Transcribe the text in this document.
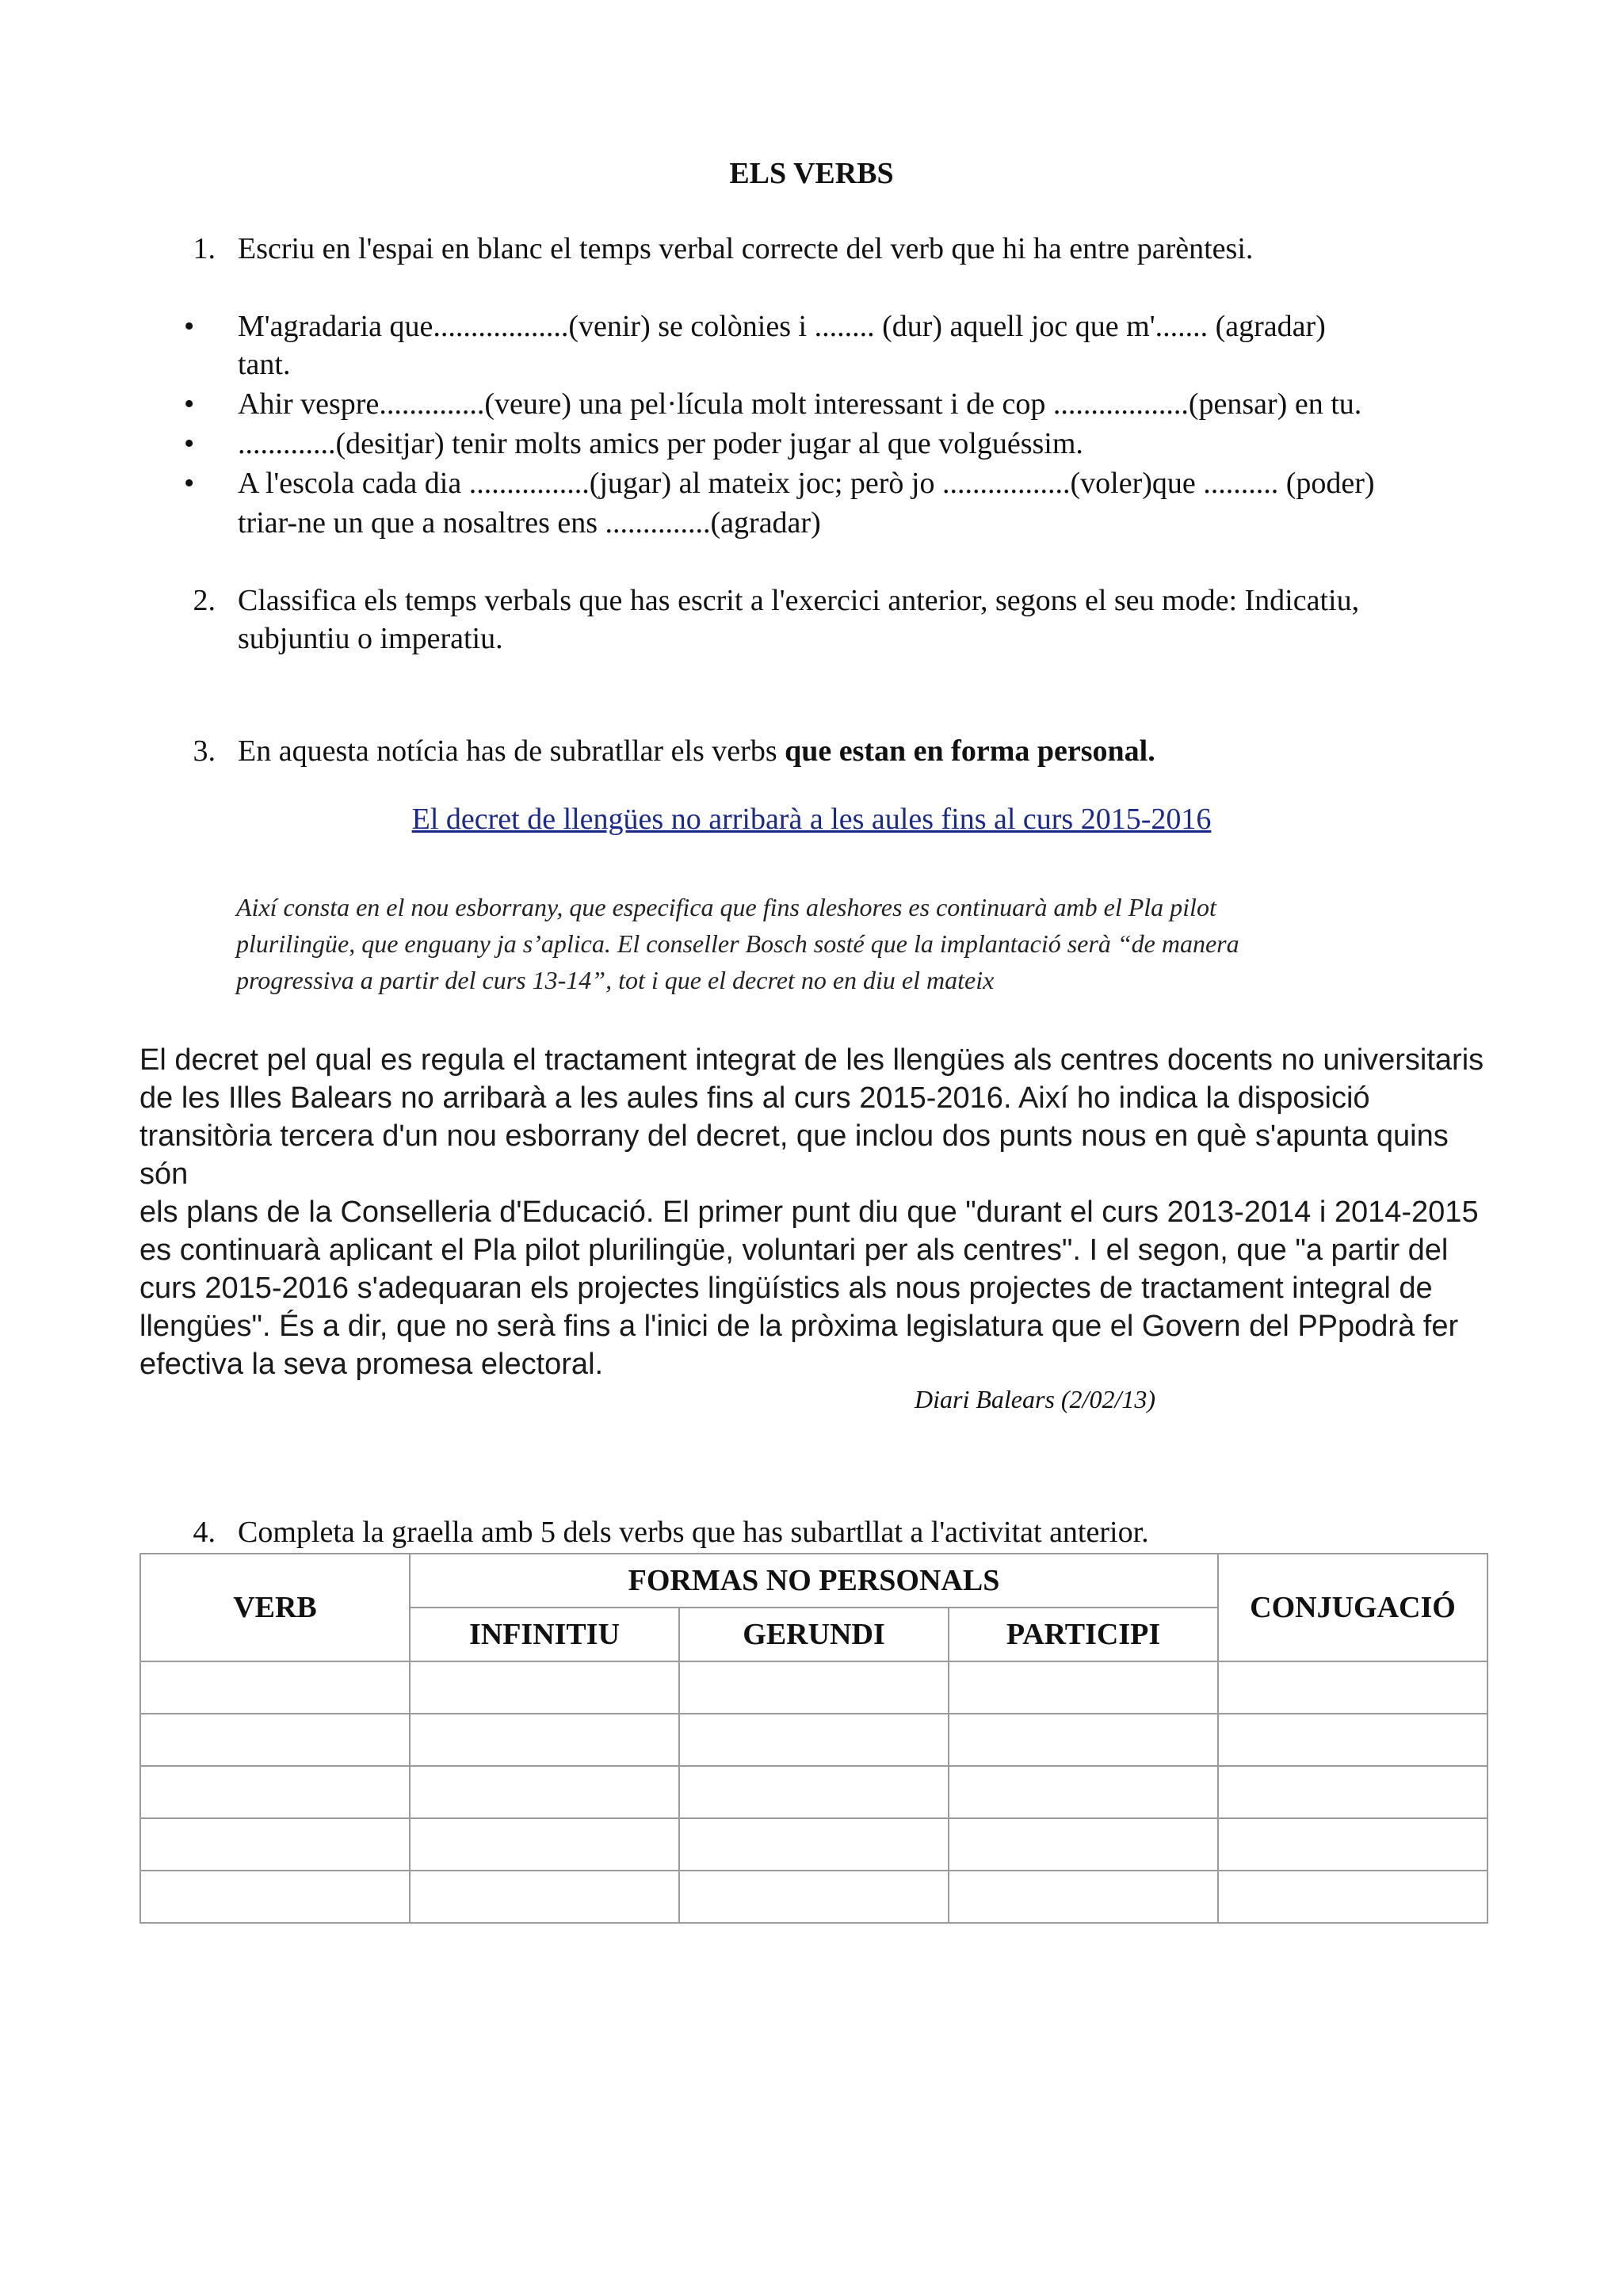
ELS VERBS
1. Escriu en l'espai en blanc el temps verbal correcte del verb que hi ha entre parèntesi.
• M'agradaria que..................(venir) se colònies i ........ (dur) aquell joc que m'....... (agradar)
tant.
• Ahir vespre..............(veure) una pel·lícula molt interessant i de cop ..................(pensar) en tu.
• .............(desitjar) tenir molts amics per poder jugar al que volguéssim.
• A l'escola cada dia ................(jugar) al mateix joc; però jo .................(voler)que .......... (poder)
triar-ne un que a nosaltres ens ..............(agradar)
2. Classifica els temps verbals que has escrit a l'exercici anterior, segons el seu mode: Indicatiu,
subjuntiu o imperatiu.
3. En aquesta notícia has de subratllar els verbs que estan en forma personal.
El decret de llengües no arribarà a les aules fins al curs 2015-2016
Així consta en el nou esborrany, que especifica que fins aleshores es continuarà amb el Pla pilot
plurilingüe, que enguany ja s’aplica. El conseller Bosch sosté que la implantació serà “de manera
progressiva a partir del curs 13-14”, tot i que el decret no en diu el mateix
El decret pel qual es regula el tractament integrat de les llengües als centres docents no universitaris
de les Illes Balears no arribarà a les aules fins al curs 2015-2016. Així ho indica la disposició
transitòria tercera d'un nou esborrany del decret, que inclou dos punts nous en què s'apunta quins són
els plans de la Conselleria d'Educació. El primer punt diu que "durant el curs 2013-2014 i 2014-2015
es continuarà aplicant el Pla pilot plurilingüe, voluntari per als centres". I el segon, que "a partir del
curs 2015-2016 s'adequaran els projectes lingüístics als nous projectes de tractament integral de
llengües". És a dir, que no serà fins a l'inici de la pròxima legislatura que el Govern del PPpodrà fer
efectiva la seva promesa electoral.
Diari Balears (2/02/13)
4. Completa la graella amb 5 dels verbs que has subartllat a l'activitat anterior.
VERB	FORMAS NO PERSONALS			CONJUGACIÓ
	INFINITIU	GERUNDI	PARTICIPI	
